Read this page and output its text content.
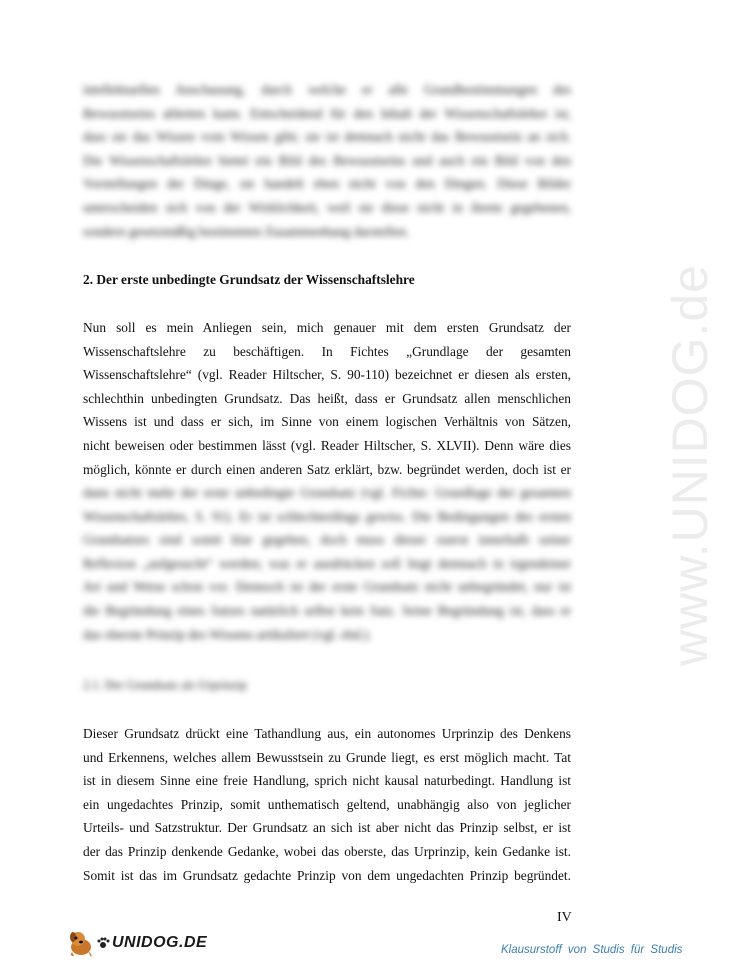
www.UNIDOG.de
intellektuellen Anschauung, durch welche er alle Grundbestimmungen des
Bewusstseins ableiten kann. Entscheidend für den Inhalt der Wissenschaftslehre ist,
dass sie das Wissen vom Wissen gibt; sie ist demnach nicht das Bewusstsein an sich.
Die Wissenschaftslehre bietet ein Bild des Bewusstseins und auch ein Bild von den
Vorstellungen der Dinge, sie handelt eben nicht von den Dingen. Diese Bilder
unterscheiden sich von der Wirklichkeit, weil sie diese nicht in ihrem gegebenen,
sondern gesetzmäßig bestimmten Zusammenhang darstellen.
2. Der erste unbedingte Grundsatz der Wissenschaftslehre
Nun soll es mein Anliegen sein, mich genauer mit dem ersten Grundsatz der
Wissenschaftslehre zu beschäftigen. In Fichtes „Grundlage der gesamten
Wissenschaftslehre“ (vgl. Reader Hiltscher, S. 90-110) bezeichnet er diesen als ersten,
schlechthin unbedingten Grundsatz. Das heißt, dass er Grundsatz allen menschlichen
Wissens ist und dass er sich, im Sinne von einem logischen Verhältnis von Sätzen,
nicht beweisen oder bestimmen lässt (vgl. Reader Hiltscher, S. XLVII). Denn wäre dies
möglich, könnte er durch einen anderen Satz erklärt, bzw. begründet werden, doch ist er
dann nicht mehr der erste unbedingte Grundsatz (vgl. Fichte: Grundlage der gesamten
Wissenschaftslehre, S. 91). Er ist schlechterdings gewiss. Die Bedingungen des ersten
Grundsatzes sind somit klar gegeben, doch muss dieser zuerst innerhalb seiner
Reflexion „aufgesucht“ werden; was er ausdrücken soll liegt demnach in irgendeiner
Art und Weise schon vor. Dennoch ist der erste Grundsatz nicht unbegründet, nur ist
die Begründung eines Satzes natürlich selbst kein Satz. Seine Begründung ist, dass er
das oberste Prinzip des Wissens artikuliert (vgl. ebd.).
2.1. Der Grundsatz als Urprinzip
Dieser Grundsatz drückt eine Tathandlung aus, ein autonomes Urprinzip des Denkens
und Erkennens, welches allem Bewusstsein zu Grunde liegt, es erst möglich macht. Tat
ist in diesem Sinne eine freie Handlung, sprich nicht kausal naturbedingt. Handlung ist
ein ungedachtes Prinzip, somit unthematisch geltend, unabhängig also von jeglicher
Urteils- und Satzstruktur. Der Grundsatz an sich ist aber nicht das Prinzip selbst, er ist
der das Prinzip denkende Gedanke, wobei das oberste, das Urprinzip, kein Gedanke ist.
Somit ist das im Grundsatz gedachte Prinzip von dem ungedachten Prinzip begründet.
IV
UNIDOG.DE	Klausurstoff von Studis für Studis
